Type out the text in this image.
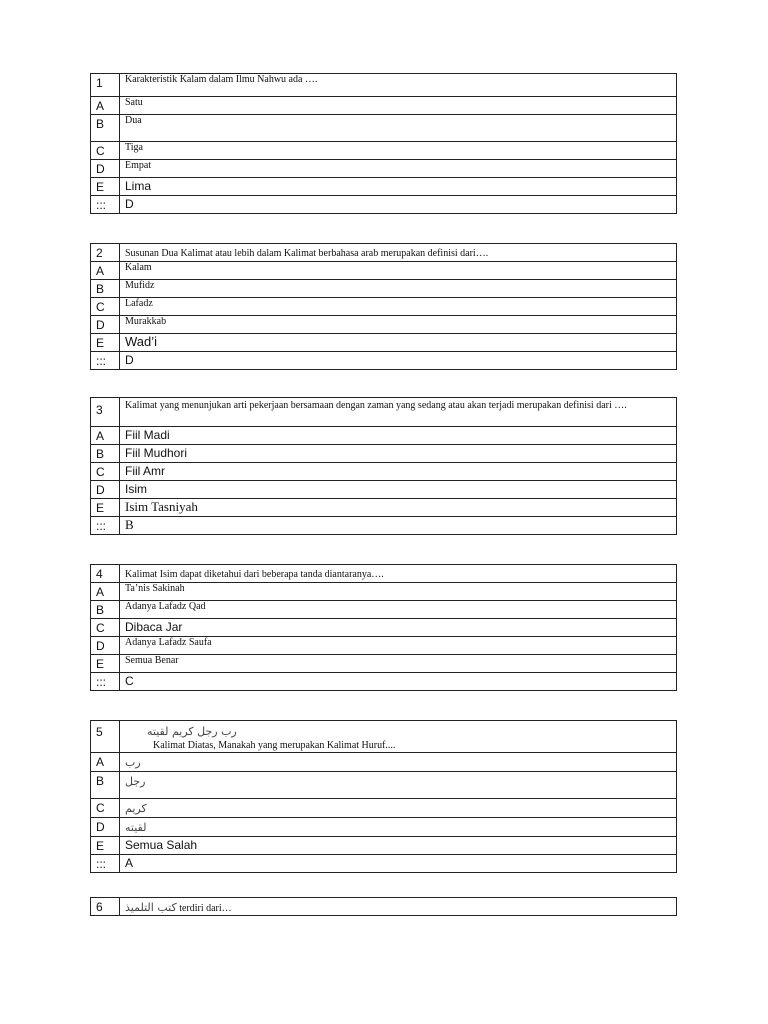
1	Karakteristik Kalam dalam Ilmu Nahwu ada ….
A	Satu
B	Dua
C	Tiga
D	Empat
E	Lima
:::	D
2	Susunan Dua Kalimat atau lebih dalam Kalimat berbahasa arab merupakan definisi dari….
A	Kalam
B	Mufidz
C	Lafadz
D	Murakkab
E	Wad’i
:::	D
3	Kalimat yang menunjukan arti pekerjaan bersamaan dengan zaman yang sedang atau akan terjadi merupakan definisi dari ….
A	Fiil Madi
B	Fiil Mudhori
C	Fiil Amr
D	Isim
E	Isim Tasniyah
:::	B
4	Kalimat Isim dapat diketahui dari beberapa tanda diantaranya….
A	Ta’nis Sakinah
B	Adanya Lafadz Qad
C	Dibaca Jar
D	Adanya Lafadz Saufa
E	Semua Benar
:::	C
5	رب رجل كريم لقيته
Kalimat Diatas, Manakah yang merupakan Kalimat Huruf....

A	رب
B	رجل
C	كريم
D	لقيته
E	Semua Salah
:::	A
6	كتب التلميذ terdiri dari…
